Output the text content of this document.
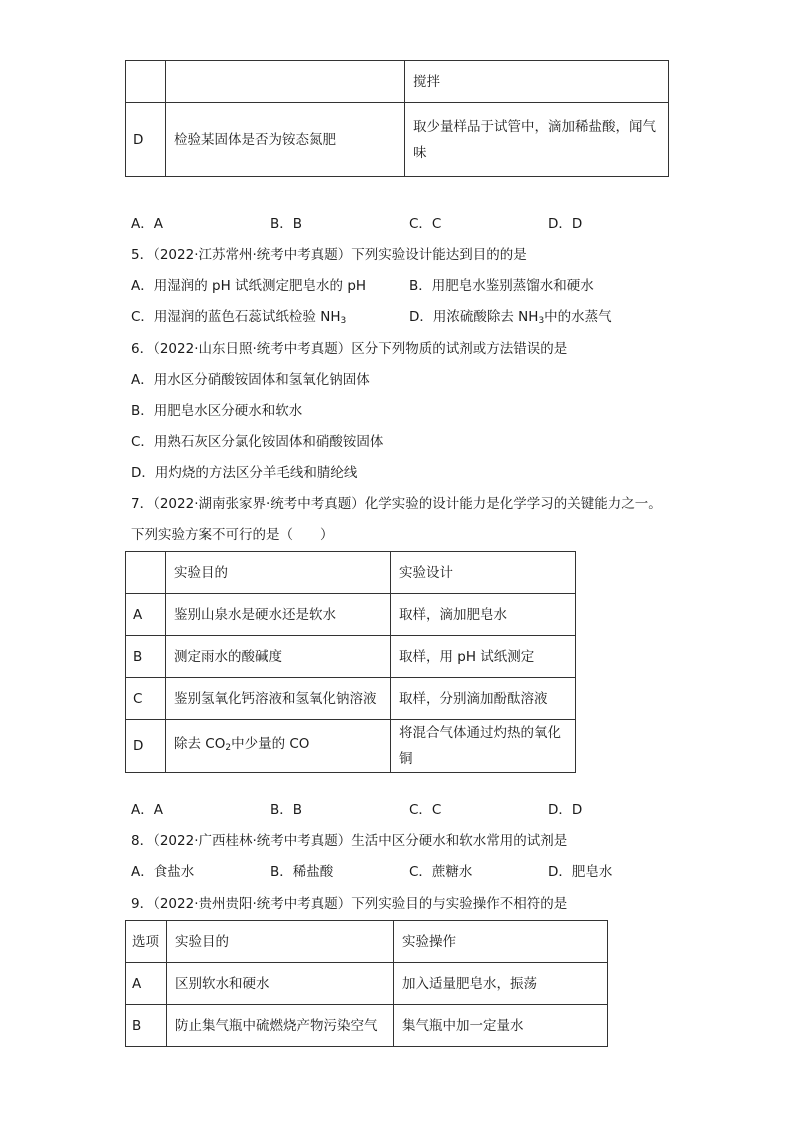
		搅拌
D	检验某固体是否为铵态氮肥	取少量样品于试管中，滴加稀盐酸，闻气
味
A．A	B．B	C．C	D．D
5．（2022·江苏常州·统考中考真题）下列实验设计能达到目的的是
A．用湿润的 pH 试纸测定肥皂水的 pH	B．用肥皂水鉴别蒸馏水和硬水
C．用湿润的蓝色石蕊试纸检验 $NH_3$	D．用浓硫酸除去 $NH_3$中的水蒸气
6．（2022·山东日照·统考中考真题）区分下列物质的试剂或方法错误的是
A．用水区分硝酸铵固体和氢氧化钠固体
B．用肥皂水区分硬水和软水
C．用熟石灰区分氯化铵固体和硝酸铵固体
D．用灼烧的方法区分羊毛线和腈纶线
7．（2022·湖南张家界·统考中考真题）化学实验的设计能力是化学学习的关键能力之一。
下列实验方案不可行的是（　　）
	实验目的	实验设计
A	鉴别山泉水是硬水还是软水	取样，滴加肥皂水
B	测定雨水的酸碱度	取样，用 pH 试纸测定
C	鉴别氢氧化钙溶液和氢氧化钠溶液	取样，分别滴加酚酞溶液
D	除去 $CO_2$中少量的 CO	将混合气体通过灼热的氧化铜
A．A	B．B	C．C	D．D
8．（2022·广西桂林·统考中考真题）生活中区分硬水和软水常用的试剂是
A．食盐水	B．稀盐酸	C．蔗糖水	D．肥皂水
9．（2022·贵州贵阳·统考中考真题）下列实验目的与实验操作不相符的是
选项	实验目的	实验操作
A	区别软水和硬水	加入适量肥皂水，振荡
B	防止集气瓶中硫燃烧产物污染空气	集气瓶中加一定量水
